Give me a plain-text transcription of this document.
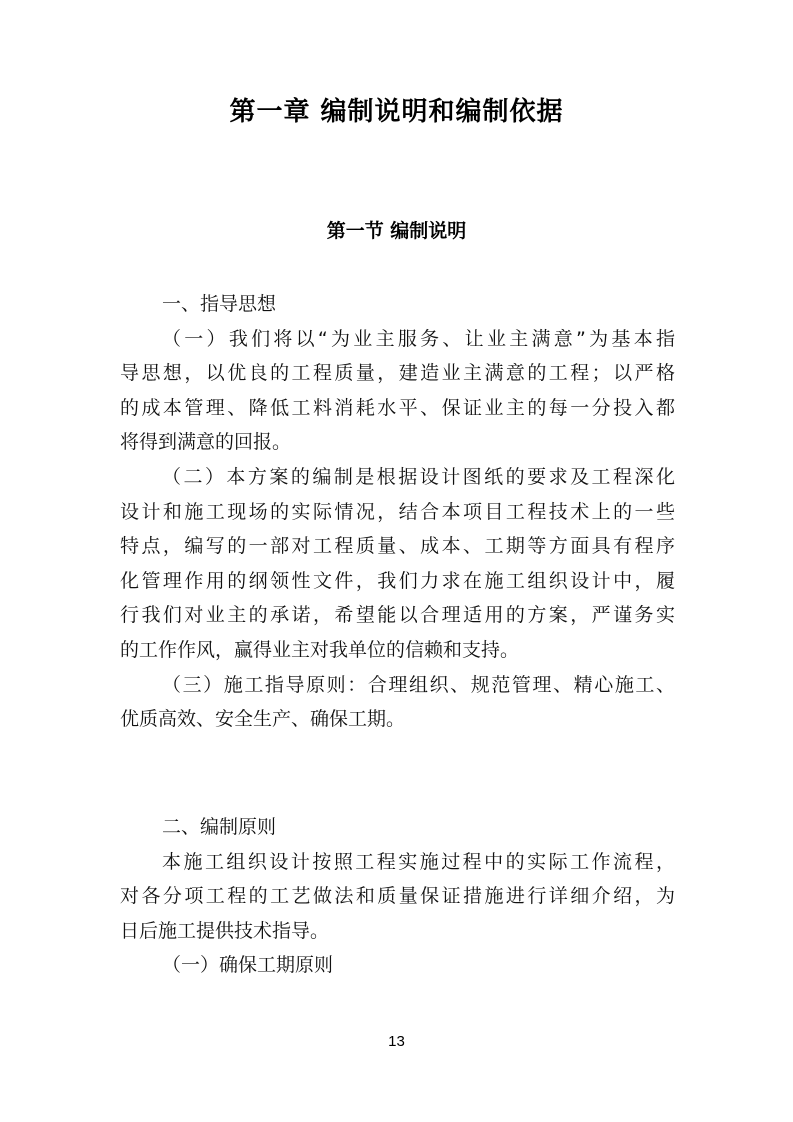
第一章 编制说明和编制依据
第一节 编制说明
一、指导思想
（一）我们将以“为业主服务、让业主满意”为基本指
导思想，以优良的工程质量，建造业主满意的工程；以严格
的成本管理、降低工料消耗水平、保证业主的每一分投入都
将得到满意的回报。
（二）本方案的编制是根据设计图纸的要求及工程深化
设计和施工现场的实际情况，结合本项目工程技术上的一些
特点，编写的一部对工程质量、成本、工期等方面具有程序
化管理作用的纲领性文件，我们力求在施工组织设计中，履
行我们对业主的承诺，希望能以合理适用的方案，严谨务实
的工作作风，赢得业主对我单位的信赖和支持。
（三）施工指导原则：合理组织、规范管理、精心施工、
优质高效、安全生产、确保工期。
二、编制原则
本施工组织设计按照工程实施过程中的实际工作流程，
对各分项工程的工艺做法和质量保证措施进行详细介绍，为
日后施工提供技术指导。
（一）确保工期原则
13
